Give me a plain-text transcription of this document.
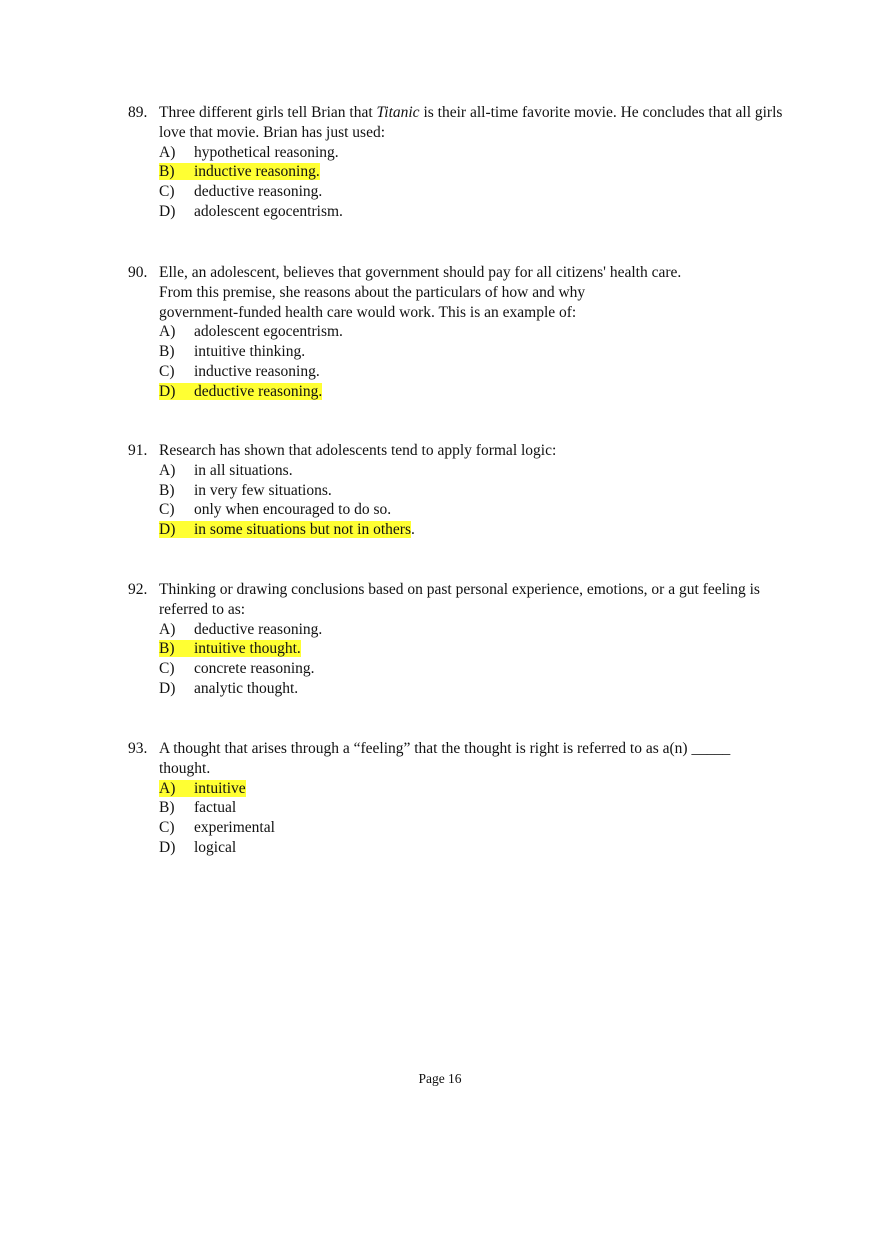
89. Three different girls tell Brian that Titanic is their all-time favorite movie. He concludes that all girls love that movie. Brian has just used:
A) hypothetical reasoning.
B) inductive reasoning.
C) deductive reasoning.
D) adolescent egocentrism.
90. Elle, an adolescent, believes that government should pay for all citizens' health care.
From this premise, she reasons about the particulars of how and why
government-funded health care would work. This is an example of:
A) adolescent egocentrism.
B) intuitive thinking.
C) inductive reasoning.
D) deductive reasoning.
91. Research has shown that adolescents tend to apply formal logic:
A) in all situations.
B) in very few situations.
C) only when encouraged to do so.
D) in some situations but not in others.
92. Thinking or drawing conclusions based on past personal experience, emotions, or a gut feeling is referred to as:
A) deductive reasoning.
B) intuitive thought.
C) concrete reasoning.
D) analytic thought.
93. A thought that arises through a “feeling” that the thought is right is referred to as a(n) _____ thought.
A) intuitive
B) factual
C) experimental
D) logical
Page 16
